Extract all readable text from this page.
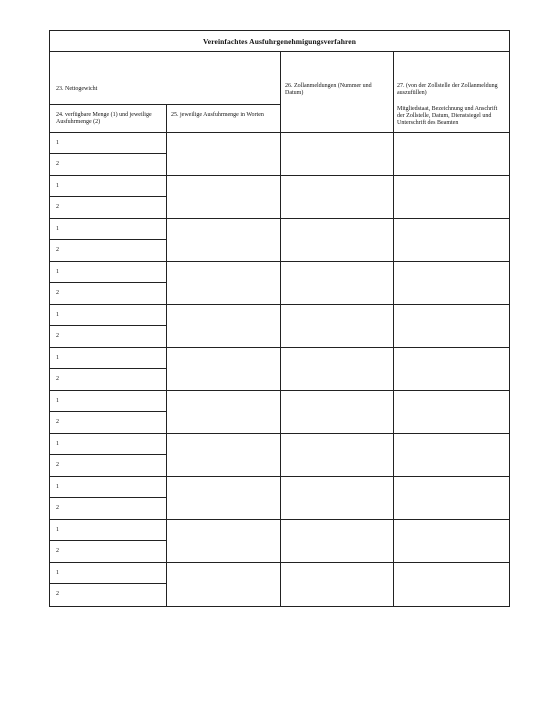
Vereinfachtes Ausfuhrgenehmigungsverfahren
23. Nettogewicht
24. verfügbare Menge (1) und jeweilige Ausfuhrmenge (2)
25. jeweilige Ausfuhrmenge in Worten
26. Zollanmeldungen (Nummer und Datum)
27. (von der Zollstelle der Zollanmeldung auszufüllen)
Mitgliedstaat, Bezeichnung und Anschrift der Zollstelle, Datum, Dienstsiegel und Unterschrift des Beamten
1
2
1
2
1
2
1
2
1
2
1
2
1
2
1
2
1
2
1
2
1
2
